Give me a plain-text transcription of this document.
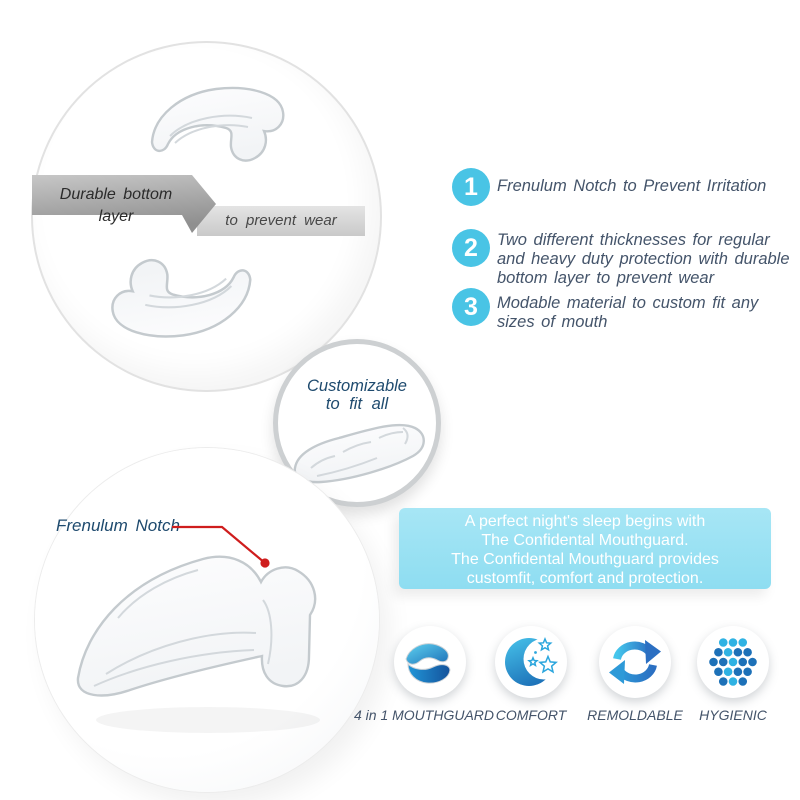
to prevent wear
Durable bottom layer
Customizable
to fit all
Frenulum Notch
1	Frenulum Notch to Prevent Irritation
2	Two different thicknesses for regular
and heavy duty protection with durable
bottom layer to prevent wear
3	Modable material to custom fit any
sizes of mouth
A perfect night's sleep begins with
The Confidental Mouthguard.
The Confidental Mouthguard provides
customfit, comfort and protection.
4 in 1 MOUTHGUARD COMFORT	REMOLDABLE	HYGIENIC
